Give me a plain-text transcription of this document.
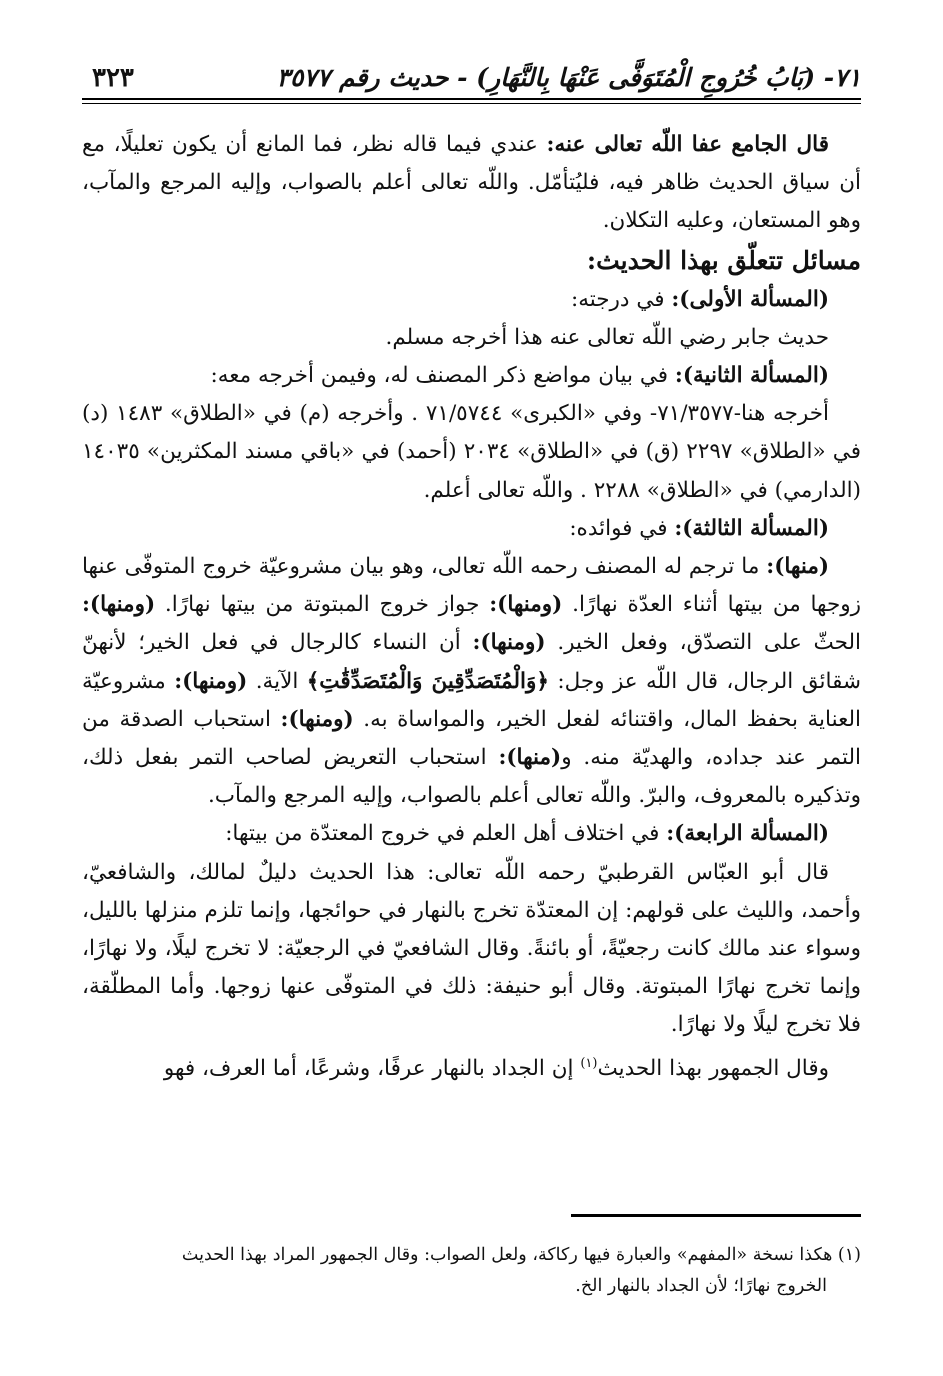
٧١- (بَابُ خُرُوجِ الْمُتَوَفَّى عَنْهَا بِالنَّهَارِ) - حديث رقم ٣٥٧٧
٣٢٣

قال الجامع عفا اللّه تعالى عنه: عندي فيما قاله نظر، فما المانع أن يكون تعليلًا، مع أن سياق الحديث ظاهر فيه، فليُتأمّل. واللّه تعالى أعلم بالصواب، وإليه المرجع والمآب، وهو المستعان، وعليه التكلان.

مسائل تتعلّق بهذا الحديث:

(المسألة الأولى): في درجته:

حديث جابر رضي اللّه تعالى عنه هذا أخرجه مسلم.

(المسألة الثانية): في بيان مواضع ذكر المصنف له، وفيمن أخرجه معه:

أخرجه هنا-٧١/٣٥٧٧- وفي «الكبرى» ٧١/٥٧٤٤ . وأخرجه (م) في «الطلاق» ١٤٨٣ (د) في «الطلاق» ٢٢٩٧ (ق) في «الطلاق» ٢٠٣٤ (أحمد) في «باقي مسند المكثرين» ١٤٠٣٥ (الدارمي) في «الطلاق» ٢٢٨٨ . واللّه تعالى أعلم.

(المسألة الثالثة): في فوائده:

(منها): ما ترجم له المصنف رحمه اللّه تعالى، وهو بيان مشروعيّة خروج المتوفّى عنها زوجها من بيتها أثناء العدّة نهارًا. (ومنها): جواز خروج المبتوتة من بيتها نهارًا. (ومنها): الحثّ على التصدّق، وفعل الخير. (ومنها): أن النساء كالرجال في فعل الخير؛ لأنهنّ شقائق الرجال، قال اللّه عز وجل: ﴿وَالْمُتَصَدِّقِينَ وَالْمُتَصَدِّقَٰتِ﴾ الآية. (ومنها): مشروعيّة العناية بحفظ المال، واقتنائه لفعل الخير، والمواساة به. (ومنها): استحباب الصدقة من التمر عند جداده، والهديّة منه. و(منها): استحباب التعريض لصاحب التمر بفعل ذلك، وتذكيره بالمعروف، والبرّ. واللّه تعالى أعلم بالصواب، وإليه المرجع والمآب.

(المسألة الرابعة): في اختلاف أهل العلم في خروج المعتدّة من بيتها:

قال أبو العبّاس القرطبيّ رحمه اللّه تعالى: هذا الحديث دليلٌ لمالك، والشافعيّ، وأحمد، والليث على قولهم: إن المعتدّة تخرج بالنهار في حوائجها، وإنما تلزم منزلها بالليل، وسواء عند مالك كانت رجعيّةً، أو بائنةً. وقال الشافعيّ في الرجعيّة: لا تخرج ليلًا، ولا نهارًا، وإنما تخرج نهارًا المبتوتة. وقال أبو حنيفة: ذلك في المتوفّى عنها زوجها. وأما المطلّقة، فلا تخرج ليلًا ولا نهارًا.

وقال الجمهور بهذا الحديث$^{(١)}$ إن الجداد بالنهار عرفًا، وشرعًا، أما العرف، فهو

(١) هكذا نسخة «المفهم» والعبارة فيها ركاكة، ولعل الصواب: وقال الجمهور المراد بهذا الحديث
الخروج نهارًا؛ لأن الجداد بالنهار الخ.
